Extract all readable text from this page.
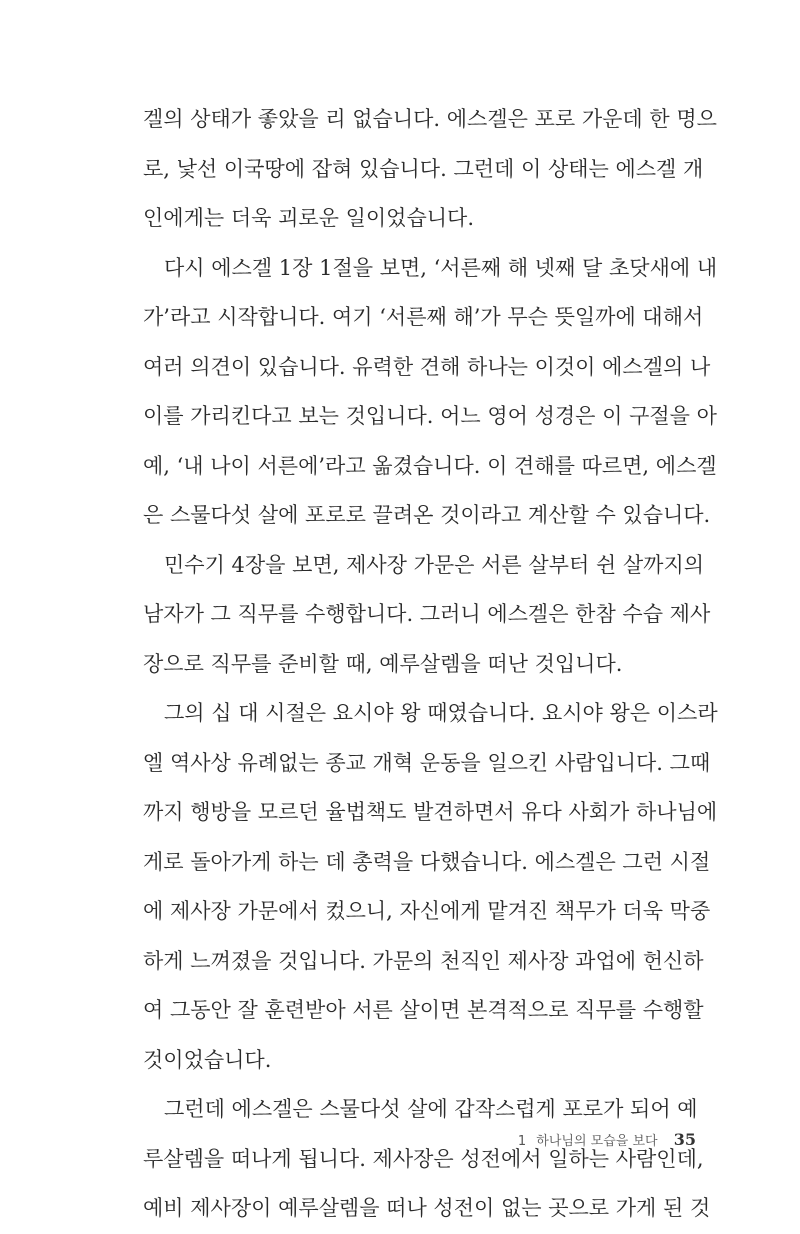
겔의 상태가 좋았을 리 없습니다. 에스겔은 포로 가운데 한 명으
로, 낯선 이국땅에 잡혀 있습니다. 그런데 이 상태는 에스겔 개
인에게는 더욱 괴로운 일이었습니다.
다시 에스겔 1장 1절을 보면, ‘서른째 해 넷째 달 초닷새에 내
가’라고 시작합니다. 여기 ‘서른째 해’가 무슨 뜻일까에 대해서
여러 의견이 있습니다. 유력한 견해 하나는 이것이 에스겔의 나
이를 가리킨다고 보는 것입니다. 어느 영어 성경은 이 구절을 아
예, ‘내 나이 서른에’라고 옮겼습니다. 이 견해를 따르면, 에스겔
은 스물다섯 살에 포로로 끌려온 것이라고 계산할 수 있습니다.
민수기 4장을 보면, 제사장 가문은 서른 살부터 쉰 살까지의
남자가 그 직무를 수행합니다. 그러니 에스겔은 한참 수습 제사
장으로 직무를 준비할 때, 예루살렘을 떠난 것입니다.
그의 십 대 시절은 요시야 왕 때였습니다. 요시야 왕은 이스라
엘 역사상 유례없는 종교 개혁 운동을 일으킨 사람입니다. 그때
까지 행방을 모르던 율법책도 발견하면서 유다 사회가 하나님에
게로 돌아가게 하는 데 총력을 다했습니다. 에스겔은 그런 시절
에 제사장 가문에서 컸으니, 자신에게 맡겨진 책무가 더욱 막중
하게 느껴졌을 것입니다. 가문의 천직인 제사장 과업에 헌신하
여 그동안 잘 훈련받아 서른 살이면 본격적으로 직무를 수행할
것이었습니다.
그런데 에스겔은 스물다섯 살에 갑작스럽게 포로가 되어 예
루살렘을 떠나게 됩니다. 제사장은 성전에서 일하는 사람인데,
예비 제사장이 예루살렘을 떠나 성전이 없는 곳으로 가게 된 것
1 하나님의 모습을 보다 35
